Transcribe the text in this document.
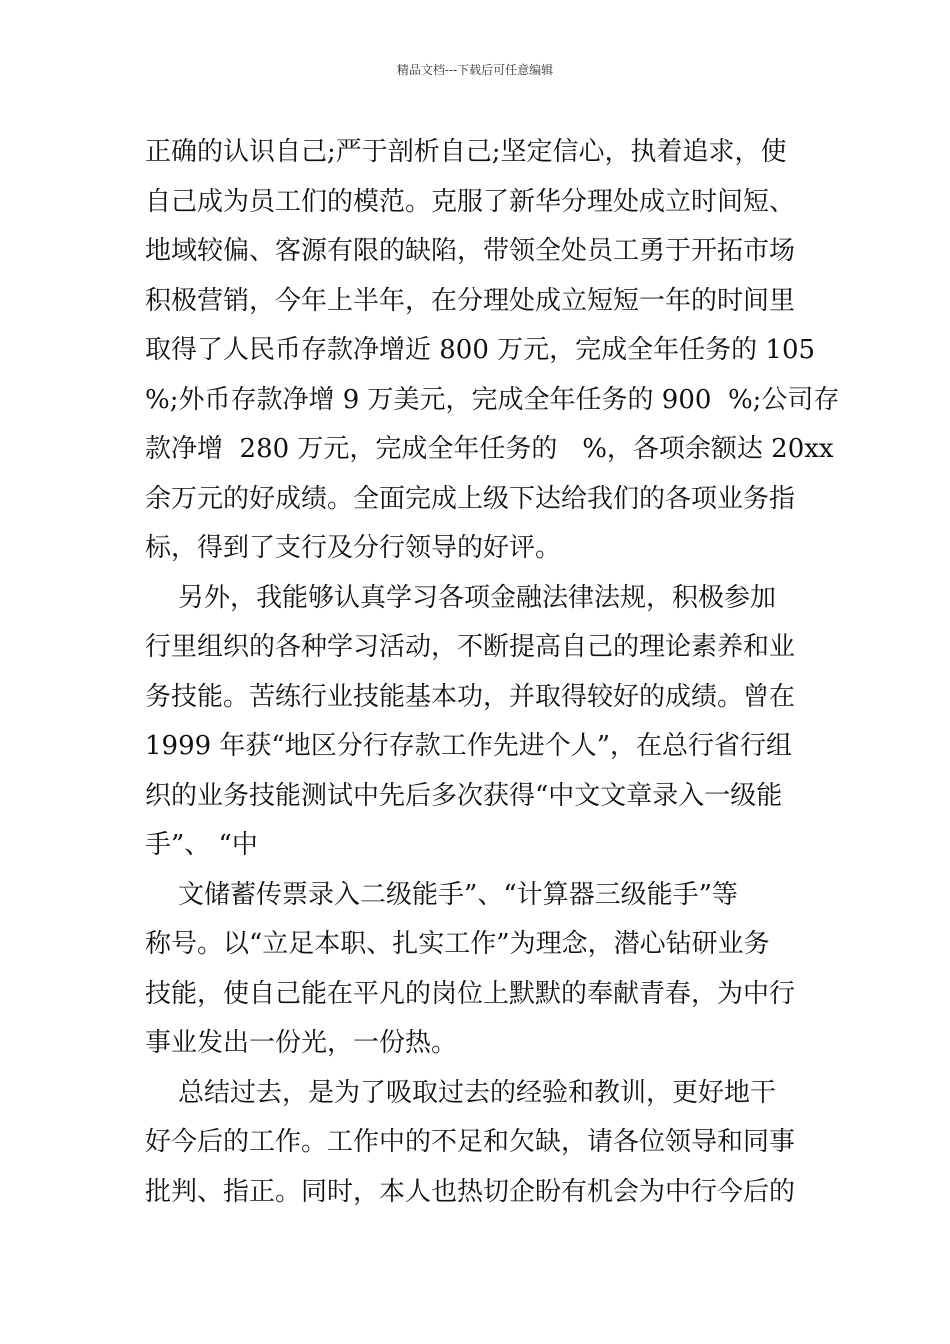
精品文档---下载后可任意编辑
正确的认识自己;严于剖析自己;坚定信心，执着追求，使
自己成为员工们的模范。克服了新华分理处成立时间短、
地域较偏、客源有限的缺陷，带领全处员工勇于开拓市场
积极营销，今年上半年，在分理处成立短短一年的时间里
取得了人民币存款净增近 800 万元，完成全年任务的 105
%;外币存款净增 9 万美元，完成全年任务的 900  %;公司存
款净增  280 万元，完成全年任务的   %，各项余额达 20xx
余万元的好成绩。全面完成上级下达给我们的各项业务指
标，得到了支行及分行领导的好评。
另外，我能够认真学习各项金融法律法规，积极参加
行里组织的各种学习活动，不断提高自己的理论素养和业
务技能。苦练行业技能基本功，并取得较好的成绩。曾在
1999 年获“地区分行存款工作先进个人”，在总行省行组
织的业务技能测试中先后多次获得“中文文章录入一级能
手”、 “中
文储蓄传票录入二级能手”、“计算器三级能手”等
称号。以“立足本职、扎实工作”为理念，潜心钻研业务
技能，使自己能在平凡的岗位上默默的奉献青春，为中行
事业发出一份光，一份热。
总结过去，是为了吸取过去的经验和教训，更好地干
好今后的工作。工作中的不足和欠缺，请各位领导和同事
批判、指正。同时，本人也热切企盼有机会为中行今后的
